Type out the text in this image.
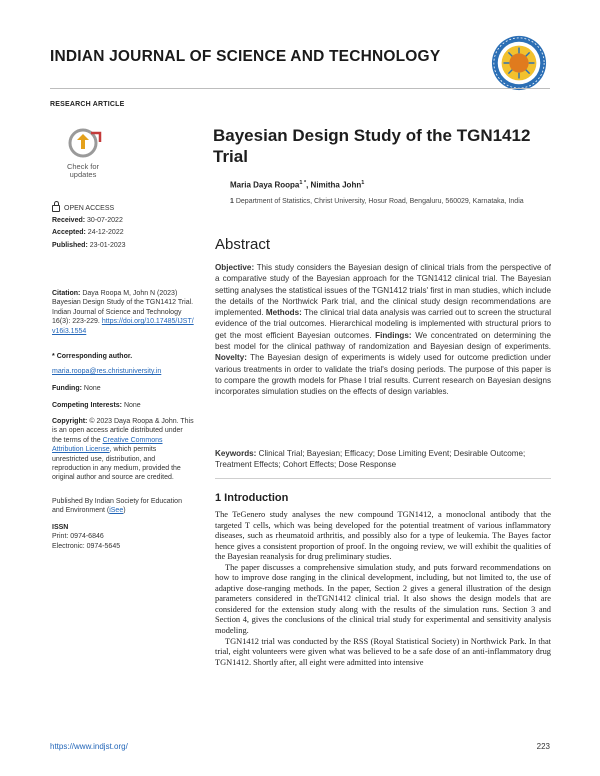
INDIAN JOURNAL OF SCIENCE AND TECHNOLOGY
RESEARCH ARTICLE
Check for
updates
OPEN ACCESS
Received: 30-07-2022
Accepted: 24-12-2022
Published: 23-01-2023
Citation: Daya Roopa M, John N (2023) Bayesian Design Study of the TGN1412 Trial. Indian Journal of Science and Technology 16(3): 223-229. https://doi.org/10.17485/IJST/v16i3.1554
* Corresponding author.
maria.roopa@res.christuniversity.in
Funding: None
Competing Interests: None
Copyright: © 2023 Daya Roopa & John. This is an open access article distributed under the terms of the Creative Commons Attribution License, which permits unrestricted use, distribution, and reproduction in any medium, provided the original author and source are credited.
Published By Indian Society for Education and Environment (iSee)
ISSN
Print: 0974-6846
Electronic: 0974-5645
Bayesian Design Study of the TGN1412 Trial
Maria Daya Roopa$^{1 *}$, Nimitha John$^1$
1 Department of Statistics, Christ University, Hosur Road, Bengaluru, 560029, Karnataka, India
Abstract
Objective: This study considers the Bayesian design of clinical trials from the perspective of a comparative study of the Bayesian approach for the TGN1412 clinical trial. The Bayesian setting analyses the statistical issues of the TGN1412 trials' first in man studies, which include the details of the Northwick Park trial, and the clinical study design recommendations are implemented. Methods: The clinical trial data analysis was carried out to screen the structural evidence of the trial outcomes. Hierarchical modeling is implemented with structural priors to get the most efficient Bayesian outcomes. Findings: We concentrated on determining the best model for the clinical pathway of randomization and Bayesian design of experiments. Novelty: The Bayesian design of experiments is widely used for outcome prediction under various treatments in order to validate the trial's dosing periods. The purpose of this paper is to compare the growth models for Phase I trial results. Current research on Bayesian designs incorporates simulation studies on the effects of design variables.
Keywords: Clinical Trial; Bayesian; Efficacy; Dose Limiting Event; Desirable Outcome; Treatment Effects; Cohort Effects; Dose Response
1 Introduction

The TeGenero study analyses the new compound TGN1412, a monoclonal antibody that the targeted T cells, which was being developed for the potential treatment of various inflammatory diseases, such as rheumatoid arthritis, and possibly also for a type of leukemia. The Bayes factor hence gives a consistent proportion of proof. In the ongoing review, we will exhibit the qualities of the Bayesian reanalysis for drug preliminary studies.

The paper discusses a comprehensive simulation study, and puts forward recommendations on how to improve dose ranging in the clinical development, including, but not limited to, the use of adaptive dose-ranging methods. In the paper, Section 2 gives a general illustration of the design parameters considered in theTGN1412 clinical trial. It also shows the design models that are considered for the extension study along with the results of the simulation runs. Section 3 and Section 4, gives the conclusions of the clinical trial study for experimental and sensitivity analysis modeling.

TGN1412 trial was conducted by the RSS (Royal Statistical Society) in Northwick Park. In that trial, eight volunteers were given what was believed to be a safe dose of an anti-inflammatory drug TGN1412. Shortly after, all eight were admitted into intensive

https://www.indjst.org/	223
